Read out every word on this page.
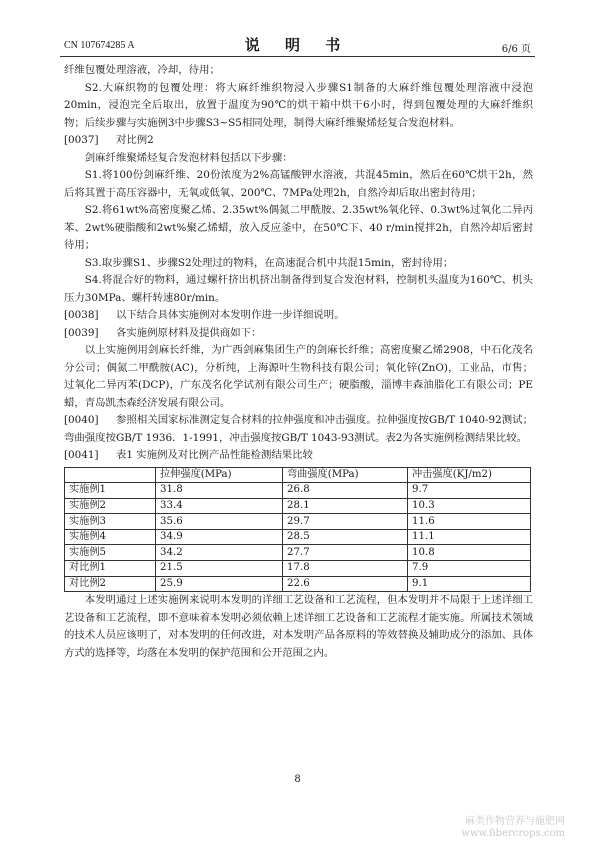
CN 107674285 A	说 明 书	6/6 页

纤维包覆处理溶液，冷却，待用；

S2.大麻织物的包覆处理：将大麻纤维织物浸入步骤S1制备的大麻纤维包覆处理溶液中浸泡20min，浸泡完全后取出，放置于温度为90℃的烘干箱中烘干6小时，得到包覆处理的大麻纤维织物；后续步骤与实施例3中步骤S3~S5相同处理，制得大麻纤维聚烯烃复合发泡材料。

[0037] 对比例2

剑麻纤维聚烯烃复合发泡材料包括以下步骤：

S1.将100份剑麻纤维、20份浓度为2%高锰酸钾水溶液，共混45min，然后在60℃烘干2h，然后将其置于高压容器中，无氧或低氧、200℃、7MPa处理2h，自然冷却后取出密封待用；

S2.将61wt%高密度聚乙烯、2.35wt%偶氮二甲酰胺、2.35wt%氧化锌、0.3wt%过氧化二异丙苯、2wt%硬脂酸和2wt%聚乙烯蜡，放入反应釜中，在50℃下、40 r/min搅拌2h，自然冷却后密封待用；

S3.取步骤S1、步骤S2处理过的物料，在高速混合机中共混15min，密封待用；

S4.将混合好的物料，通过螺杆挤出机挤出制备得到复合发泡材料，控制机头温度为160℃、机头压力30MPa、螺杆转速80r/min。

[0038] 以下结合具体实施例对本发明作进一步详细说明。

[0039] 各实施例原材料及提供商如下：

以上实施例用剑麻长纤维，为广西剑麻集团生产的剑麻长纤维；高密度聚乙烯2908，中石化茂名分公司；偶氮二甲酰胺(AC)，分析纯，上海源叶生物科技有限公司；氧化锌(ZnO)，工业品，市售；过氧化二异丙苯(DCP)，广东茂名化学试剂有限公司生产；硬脂酸，淄博丰森油脂化工有限公司；PE蜡，青岛凯杰森经济发展有限公司。

[0040] 参照相关国家标准测定复合材料的拉伸强度和冲击强度。拉伸强度按GB/T 1040-92测试；弯曲强度按GB/T 1936．1-1991，冲击强度按GB/T 1043-93测试。表2为各实施例检测结果比较。

[0041] 表1 实施例及对比例产品性能检测结果比较

	拉伸强度(MPa)	弯曲强度(MPa)	冲击强度(KJ/m2)
实施例1	31.8	26.8	9.7
实施例2	33.4	28.1	10.3
实施例3	35.6	29.7	11.6
实施例4	34.9	28.5	11.1
实施例5	34.2	27.7	10.8
对比例1	21.5	17.8	7.9
对比例2	25.9	22.6	9.1

本发明通过上述实施例来说明本发明的详细工艺设备和工艺流程，但本发明并不局限于上述详细工艺设备和工艺流程，即不意味着本发明必须依赖上述详细工艺设备和工艺流程才能实施。所属技术领域的技术人员应该明了，对本发明的任何改进，对本发明产品各原料的等效替换及辅助成分的添加、具体方式的选择等，均落在本发明的保护范围和公开范围之内。

8
麻类作物营养与施肥网
www.fibercrops.com
